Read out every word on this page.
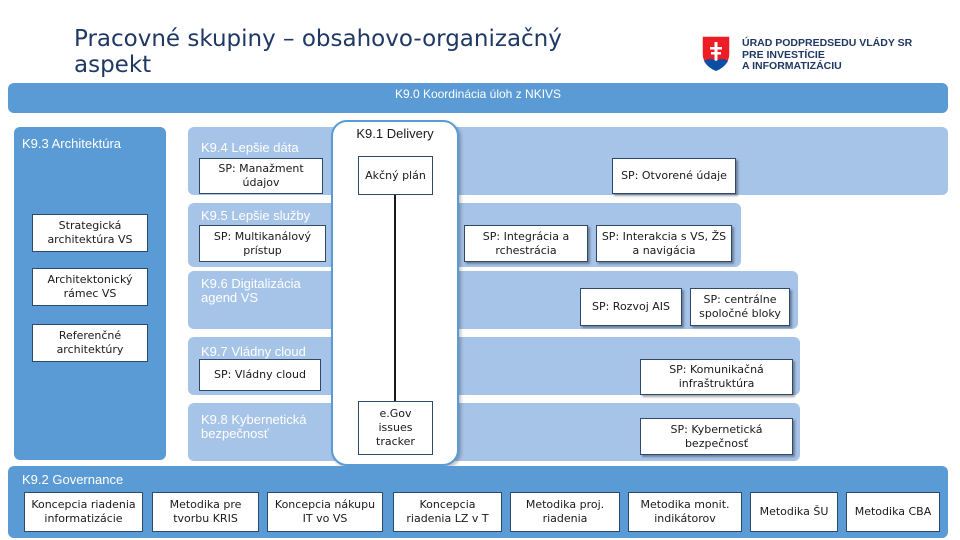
Pracovné skupiny – obsahovo-organizačný aspekt
ÚRAD PODPREDSEDU VLÁDY SR
PRE INVESTÍCIE
A INFORMATIZÁCIU
K9.0 Koordinácia úloh z NKIVS
K9.4 Lepšie dáta
K9.5 Lepšie služby
K9.6 Digitalizácia agend VS
K9.7 Vládny cloud
K9.8 Kybernetická bezpečnosť
SP: Manažment údajov
SP: Otvorené údaje
SP: Multikanálový prístup
SP: Integrácia a rchestrácia
SP: Interakcia s VS, ŽS a navigácia
SP: Rozvoj AIS
SP: centrálne spoločné bloky
SP: Vládny cloud	SP: Komunikačná infraštruktúra
SP: Kybernetická bezpečnosť
K9.3 Architektúra
Strategická architektúra VS
Architektonický rámec VS
Referenčné architektúry
K9.1 Delivery
Akčný plán
e.Gov issues tracker
K9.2 Governance
Koncepcia riadenia informatizácie
Metodika pre tvorbu KRIS
Koncepcia nákupu IT vo VS
Koncepcia riadenia LZ v T
Metodika proj. riadenia
Metodika monit. indikátorov
Metodika ŠU	Metodika CBA
